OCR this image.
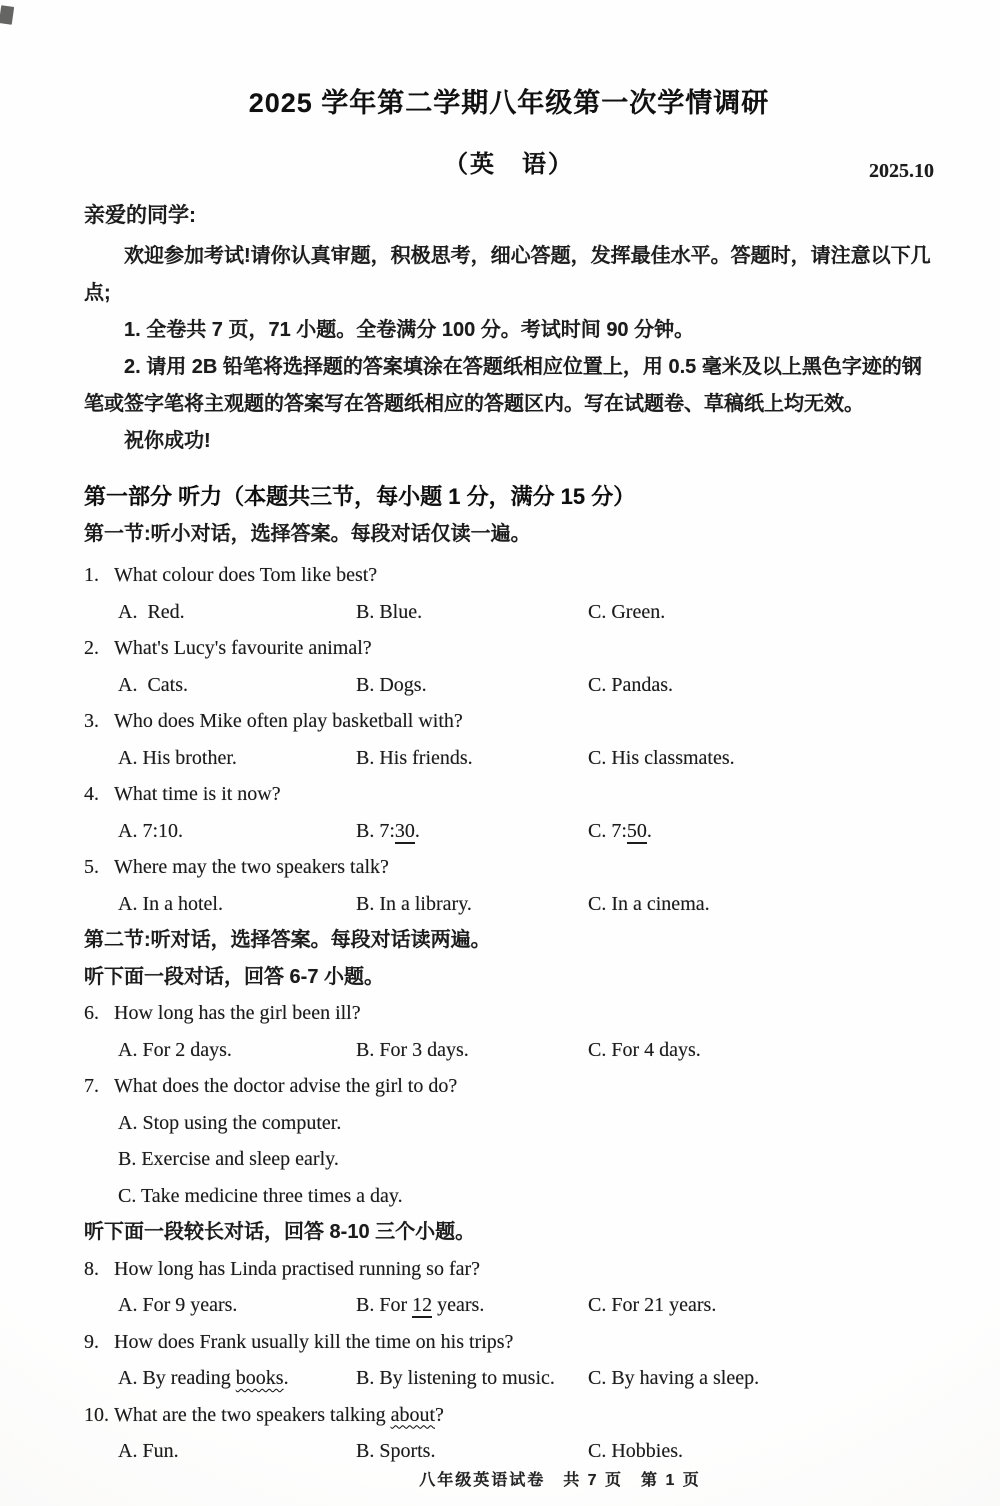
2025 学年第二学期八年级第一次学情调研
（英　语）	2025.10

亲爱的同学:

欢迎参加考试!请你认真审题，积极思考，细心答题，发挥最佳水平。答题时，请注意以下几点;

1. 全卷共 7 页，71 小题。全卷满分 100 分。考试时间 90 分钟。

2. 请用 2B 铅笔将选择题的答案填涂在答题纸相应位置上，用 0.5 毫米及以上黑色字迹的钢笔或签字笔将主观题的答案写在答题纸相应的答题区内。写在试题卷、草稿纸上均无效。

祝你成功!

第一部分 听力（本题共三节，每小题 1 分，满分 15 分）

第一节:听小对话，选择答案。每段对话仅读一遍。

1. What colour does Tom like best?
A.  Red.	B. Blue.	C. Green.
2. What's Lucy's favourite animal?
A.  Cats.	B. Dogs.	C. Pandas.
3. Who does Mike often play basketball with?
A. His brother.	B. His friends.	C. His classmates.
4. What time is it now?
A. 7:10.	B. 7:30.	C. 7:50.
5. Where may the two speakers talk?
A. In a hotel.	B. In a library.	C. In a cinema.

第二节:听对话，选择答案。每段对话读两遍。

听下面一段对话，回答 6-7 小题。

6. How long has the girl been ill?
A. For 2 days.	B. For 3 days.	C. For 4 days.
7. What does the doctor advise the girl to do?
A. Stop using the computer.
B. Exercise and sleep early.
C. Take medicine three times a day.

听下面一段较长对话，回答 8-10 三个小题。

8. How long has Linda practised running so far?
A. For 9 years.	B. For 12 years.	C. For 21 years.
9. How does Frank usually kill the time on his trips?
A. By reading books.	B. By listening to music.	C. By having a sleep.
10. What are the two speakers talking about?
A. Fun.	B. Sports.	C. Hobbies.
八年级英语试卷　共 7 页　第 1 页
